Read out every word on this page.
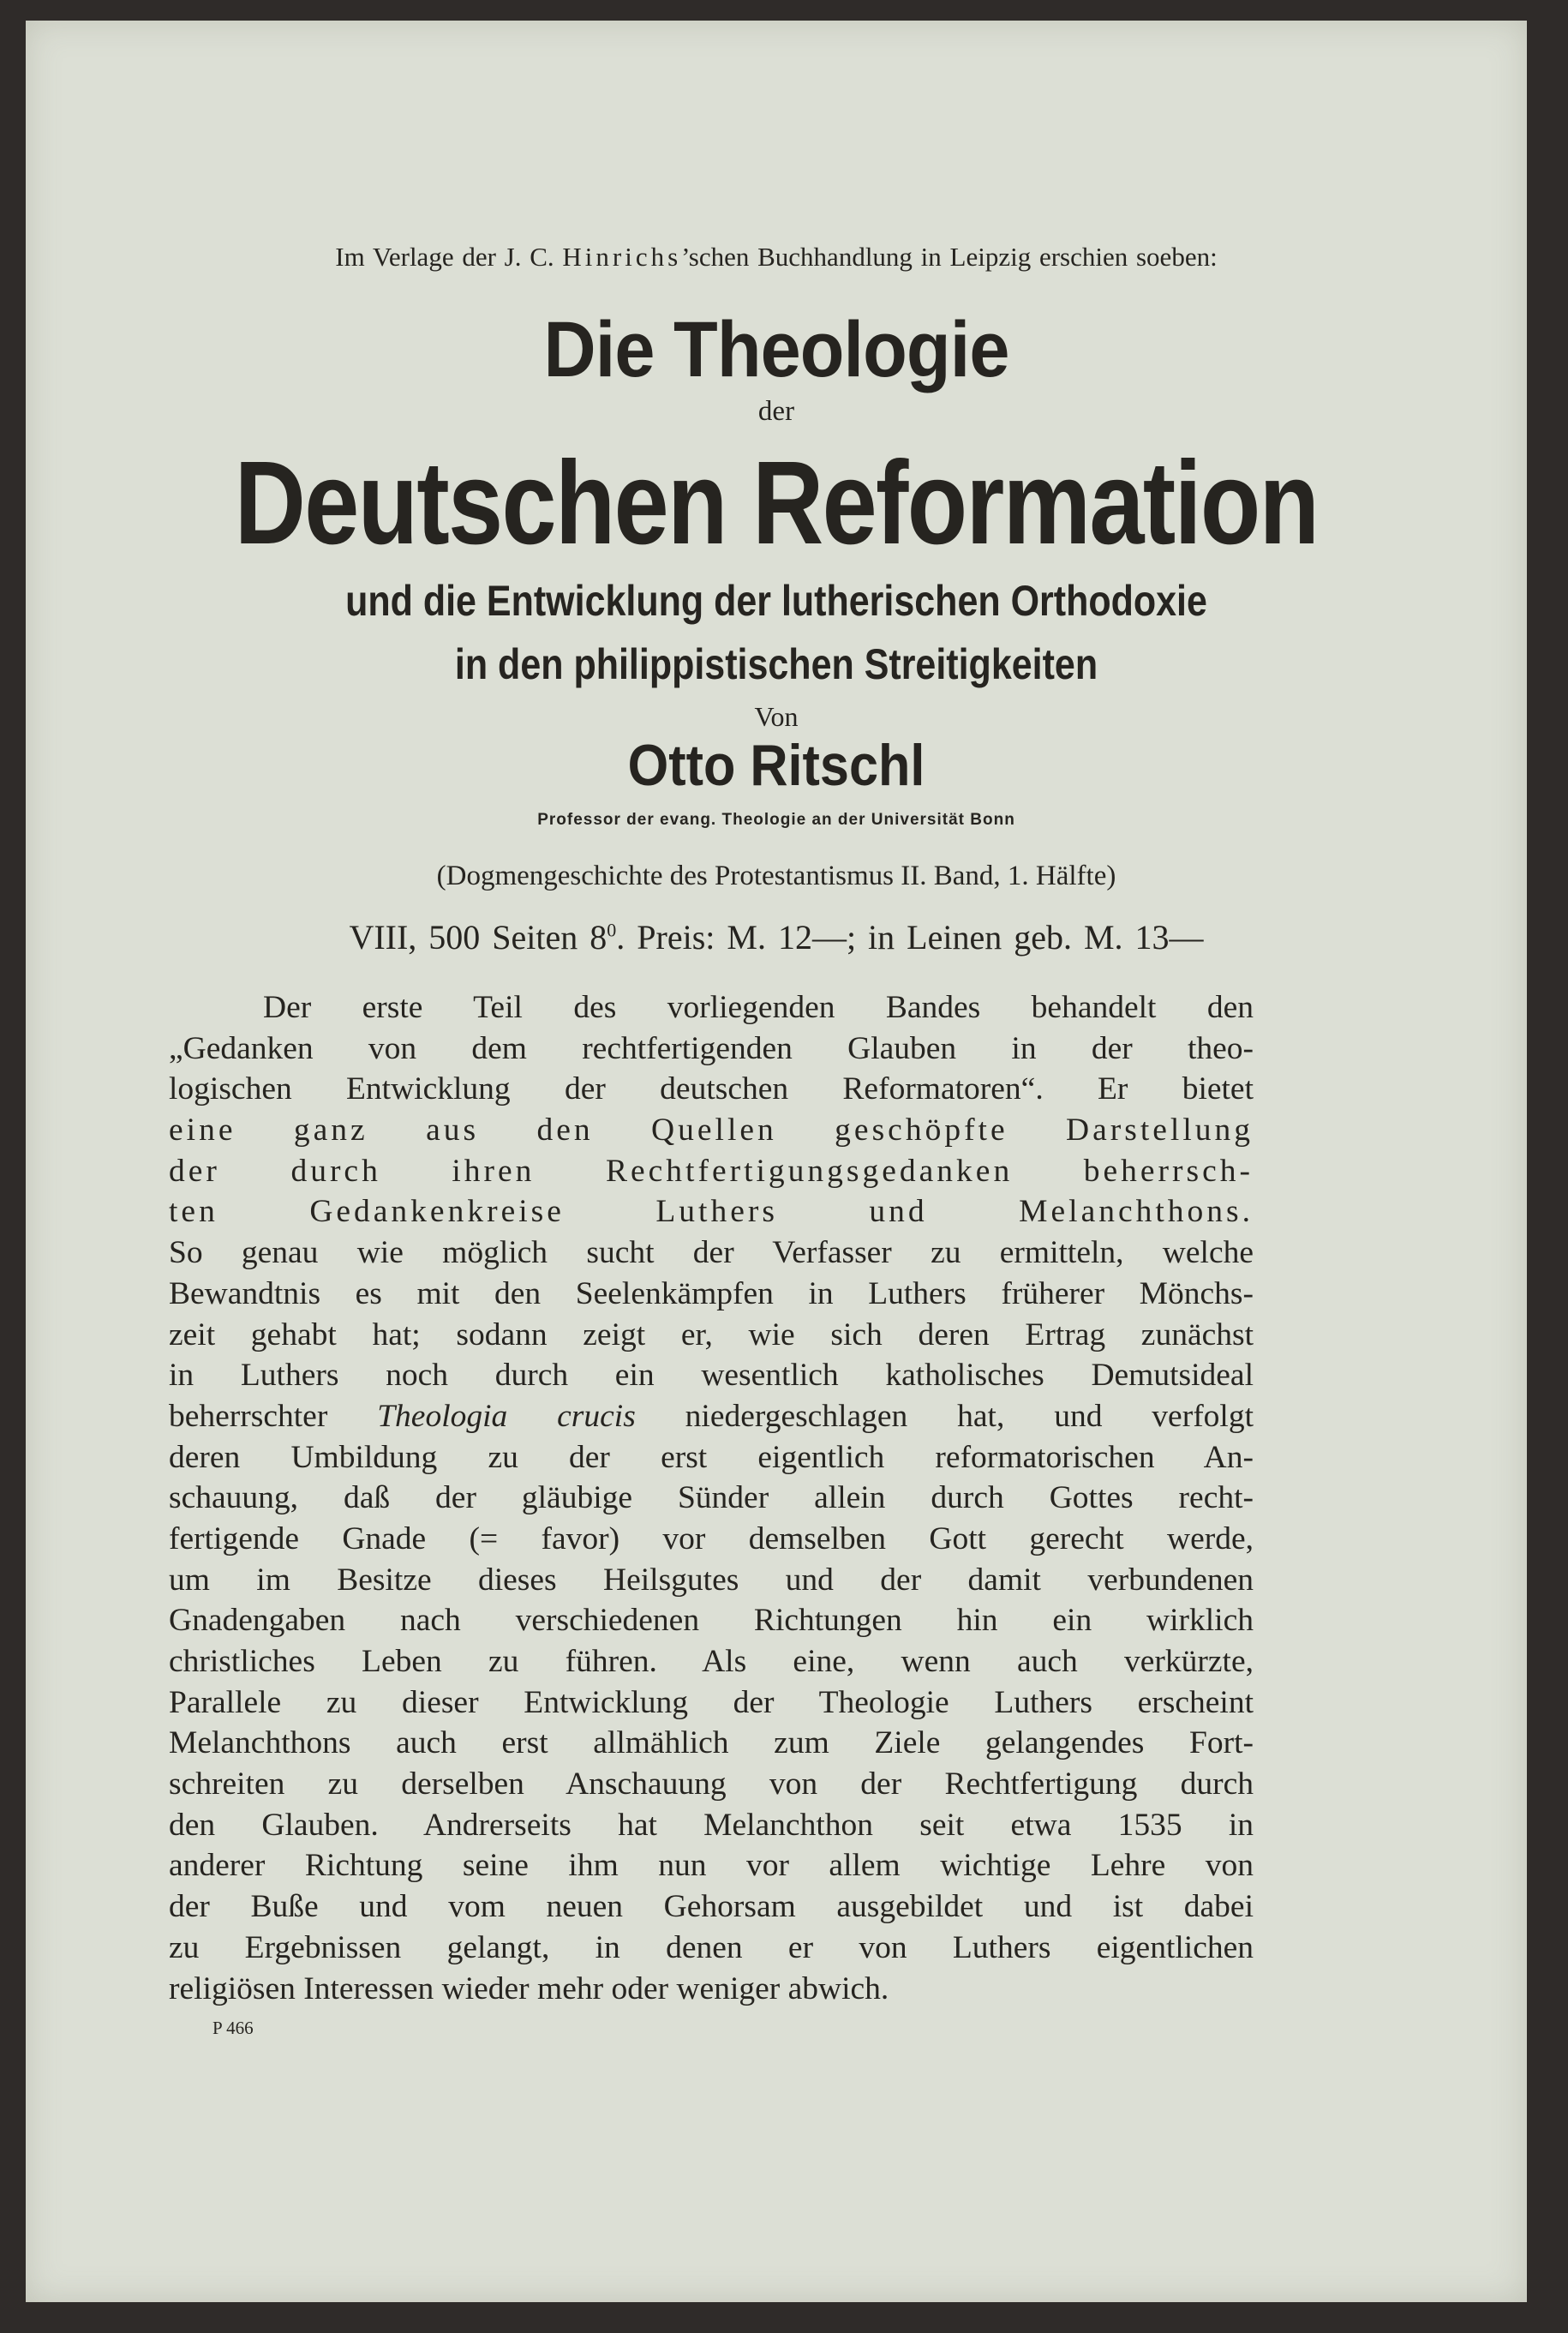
Im Verlage der J. C. Hinrichs’schen Buchhandlung in Leipzig erschien soeben:
Die Theologie
der
Deutschen Reformation
und die Entwicklung der lutherischen Orthodoxie
in den philippistischen Streitigkeiten
Von
Otto Ritschl
Professor der evang. Theologie an der Universität Bonn
(Dogmengeschichte des Protestantismus II. Band, 1. Hälfte)
VIII, 500 Seiten $8^0$. Preis: M. 12—; in Leinen geb. M. 13—
Der erste Teil des vorliegenden Bandes behandelt den
„Gedanken von dem rechtfertigenden Glauben in der theo-
logischen Entwicklung der deutschen Reformatoren“. Er bietet
eine ganz aus den Quellen geschöpfte Darstellung
der durch ihren Rechtfertigungsgedanken beherrsch-
ten Gedankenkreise Luthers und Melanchthons.
So genau wie möglich sucht der Verfasser zu ermitteln, welche
Bewandtnis es mit den Seelenkämpfen in Luthers früherer Mönchs-
zeit gehabt hat; sodann zeigt er, wie sich deren Ertrag zunächst
in Luthers noch durch ein wesentlich katholisches Demutsideal
beherrschter Theologia crucis niedergeschlagen hat, und verfolgt
deren Umbildung zu der erst eigentlich reformatorischen An-
schauung, daß der gläubige Sünder allein durch Gottes recht-
fertigende Gnade (= favor) vor demselben Gott gerecht werde,
um im Besitze dieses Heilsgutes und der damit verbundenen
Gnadengaben nach verschiedenen Richtungen hin ein wirklich
christliches Leben zu führen. Als eine, wenn auch verkürzte,
Parallele zu dieser Entwicklung der Theologie Luthers erscheint
Melanchthons auch erst allmählich zum Ziele gelangendes Fort-
schreiten zu derselben Anschauung von der Rechtfertigung durch
den Glauben. Andrerseits hat Melanchthon seit etwa 1535 in
anderer Richtung seine ihm nun vor allem wichtige Lehre von
der Buße und vom neuen Gehorsam ausgebildet und ist dabei
zu Ergebnissen gelangt, in denen er von Luthers eigentlichen
religiösen Interessen wieder mehr oder weniger abwich.
P 466
